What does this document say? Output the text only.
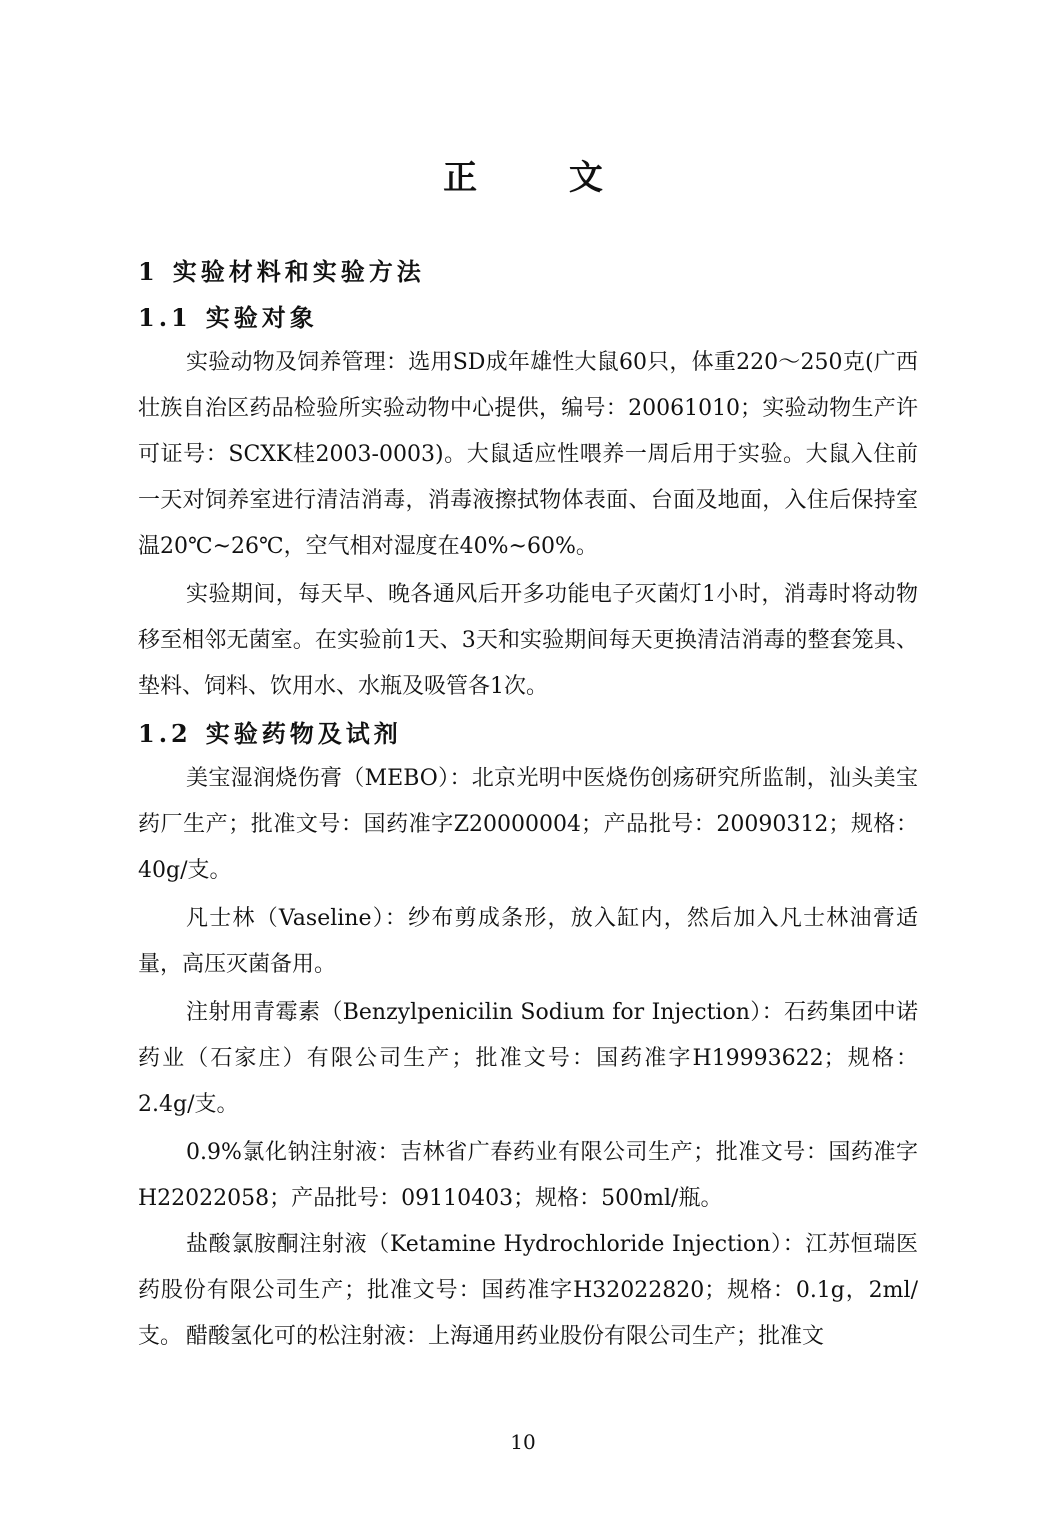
正 文
1 实验材料和实验方法
1.1 实验对象

实验动物及饲养管理：选用SD成年雄性大鼠60只，体重220～250克(广西壮族自治区药品检验所实验动物中心提供，编号：20061010；实验动物生产许可证号：SCXK桂2003-0003)。大鼠适应性喂养一周后用于实验。大鼠入住前一天对饲养室进行清洁消毒，消毒液擦拭物体表面、台面及地面，入住后保持室温20℃~26℃，空气相对湿度在40%~60%。

实验期间，每天早、晚各通风后开多功能电子灭菌灯1小时，消毒时将动物移至相邻无菌室。在实验前1天、3天和实验期间每天更换清洁消毒的整套笼具、垫料、饲料、饮用水、水瓶及吸管各1次。

1.2 实验药物及试剂

美宝湿润烧伤膏（MEBO）：北京光明中医烧伤创疡研究所监制，汕头美宝药厂生产；批准文号：国药准字Z20000004；产品批号：20090312；规格：40g/支。

凡士林（Vaseline）：纱布剪成条形，放入缸内，然后加入凡士林油膏适量，高压灭菌备用。

注射用青霉素（Benzylpenicilin Sodium for Injection）：石药集团中诺药业（石家庄）有限公司生产；批准文号：国药准字H19993622；规格：2.4g/支。

0.9%氯化钠注射液：吉林省广春药业有限公司生产；批准文号：国药准字H22022058；产品批号：09110403；规格：500ml/瓶。

盐酸氯胺酮注射液（Ketamine Hydrochloride Injection）：江苏恒瑞医药股份有限公司生产；批准文号：国药准字H32022820；规格：0.1g，2ml/支。 醋酸氢化可的松注射液：上海通用药业股份有限公司生产；批准文

10
